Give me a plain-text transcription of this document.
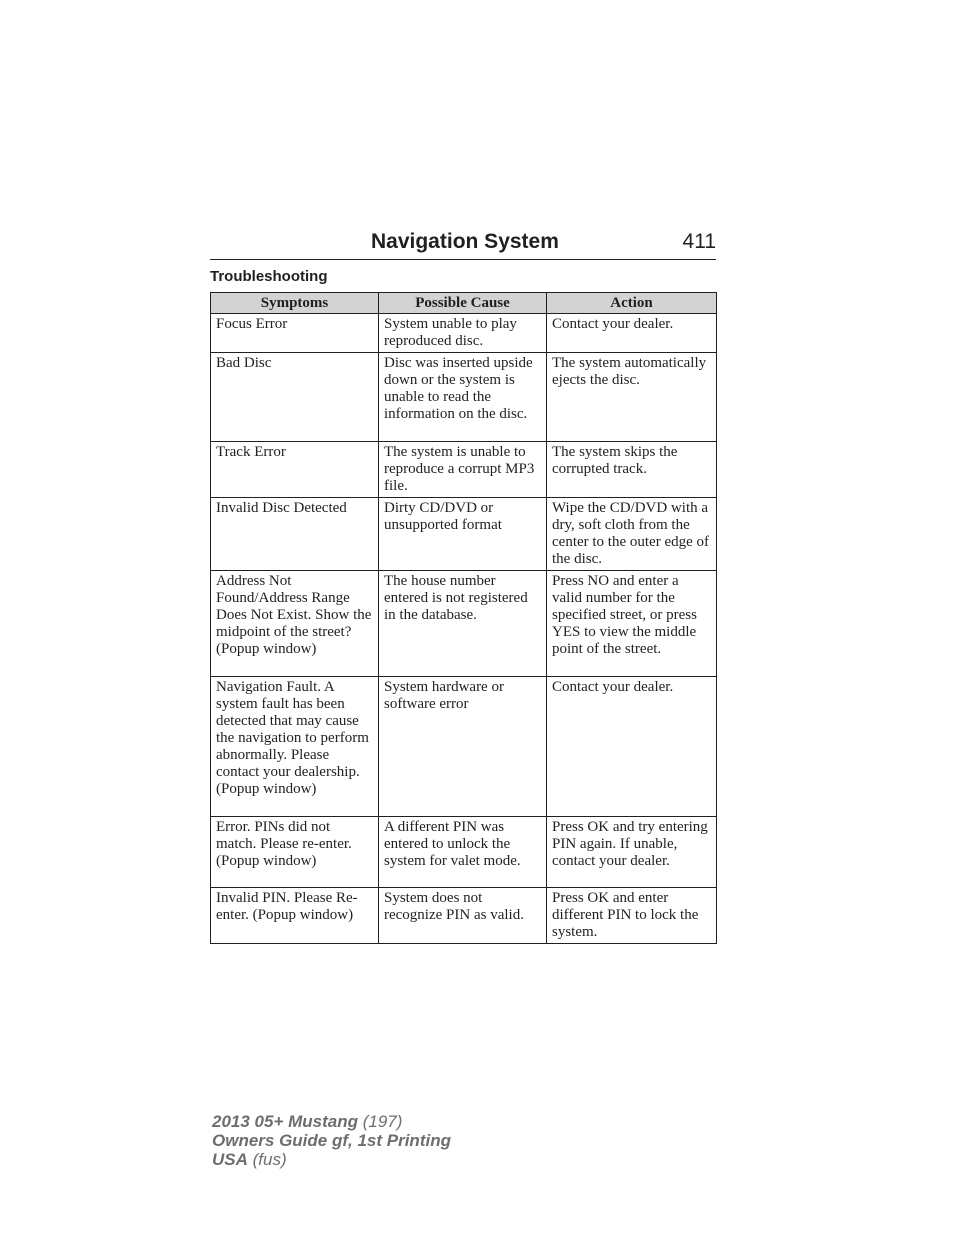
Navigation System	411
Troubleshooting
Symptoms	Possible Cause	Action
Focus Error	System unable to play reproduced disc.	Contact your dealer.
Bad Disc	Disc was inserted upside down or the system is unable to read the information on the disc.	The system automatically ejects the disc.
Track Error	The system is unable to reproduce a corrupt MP3 file.	The system skips the corrupted track.
Invalid Disc Detected	Dirty CD/DVD or unsupported format	Wipe the CD/DVD with a dry, soft cloth from the center to the outer edge of the disc.
Address Not Found/Address Range Does Not Exist. Show the midpoint of the street? (Popup window)	The house number entered is not registered in the database.	Press NO and enter a valid number for the specified street, or press YES to view the middle point of the street.
Navigation Fault. A system fault has been detected that may cause the navigation to perform abnormally. Please contact your dealership. (Popup window)	System hardware or software error	Contact your dealer.
Error. PINs did not match. Please re-enter. (Popup window)	A different PIN was entered to unlock the system for valet mode.	Press OK and try entering PIN again. If unable, contact your dealer.
Invalid PIN. Please Re-enter. (Popup window)	System does not recognize PIN as valid.	Press OK and enter different PIN to lock the system.
2013 05+ Mustang (197)
Owners Guide gf, 1st Printing
USA (fus)
